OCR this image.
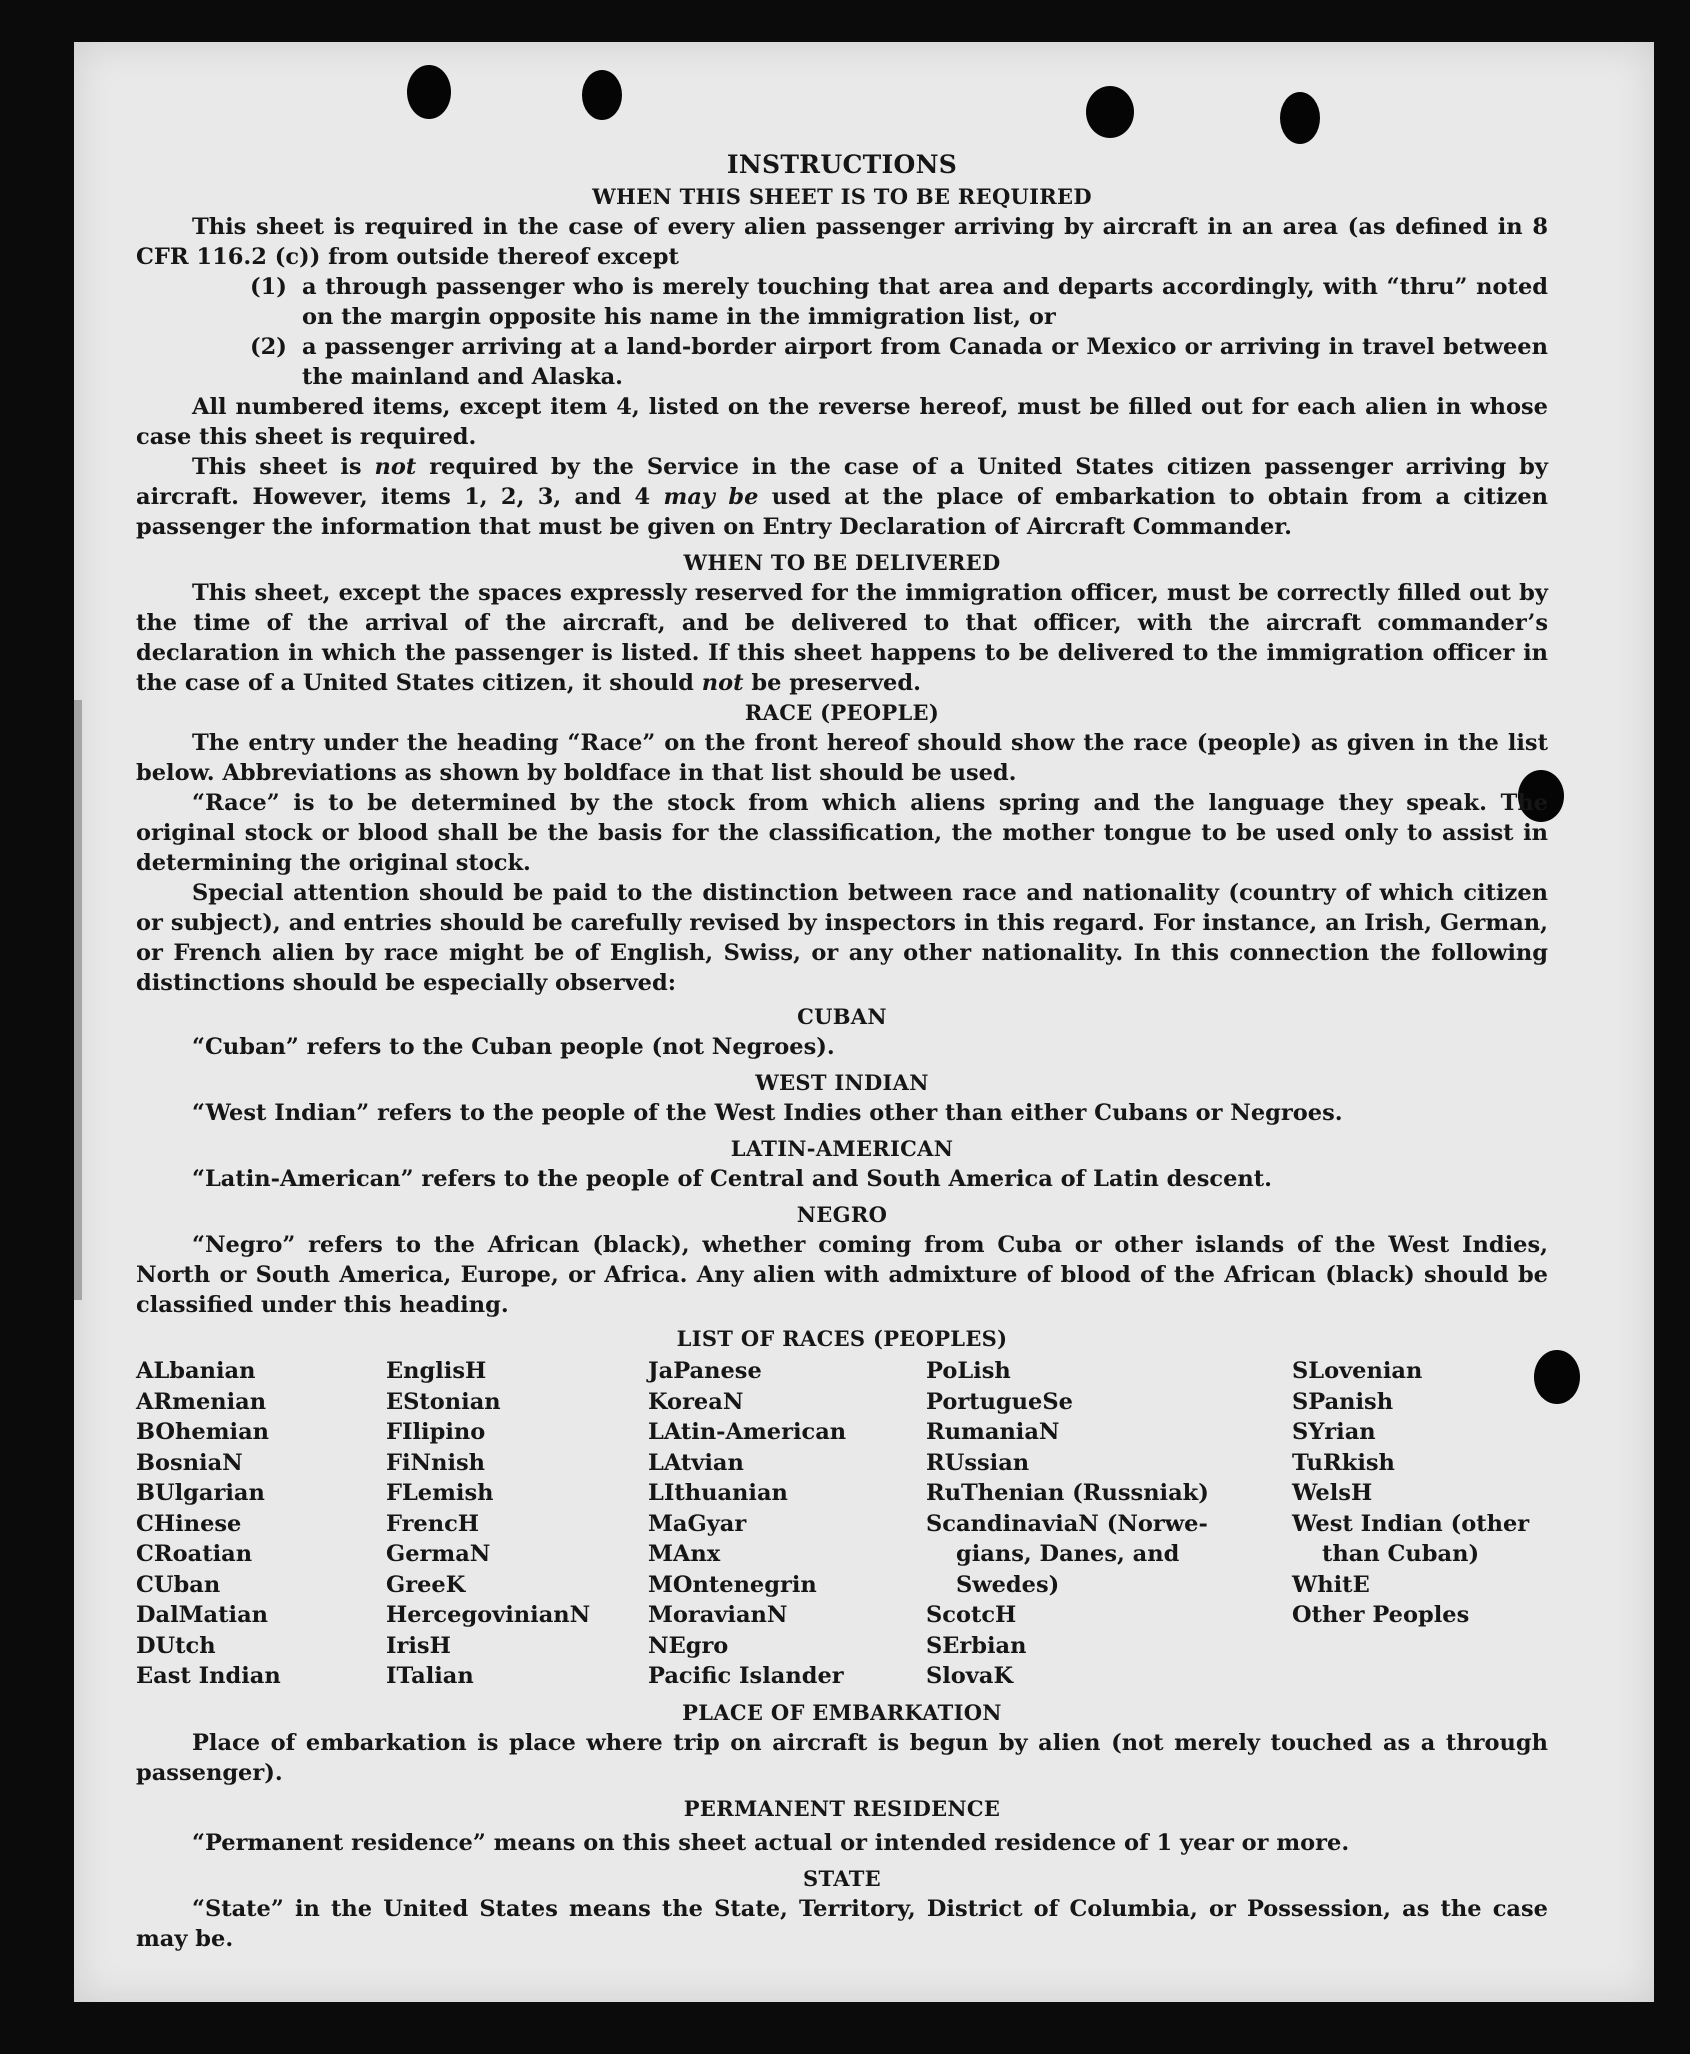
INSTRUCTIONS
WHEN THIS SHEET IS TO BE REQUIRED

This sheet is required in the case of every alien passenger arriving by aircraft in an area (as defined in 8 CFR 116.2 (c)) from outside thereof except

(1) a through passenger who is merely touching that area and departs accordingly, with “thru” noted on the margin opposite his name in the immigration list, or
(2) a passenger arriving at a land-border airport from Canada or Mexico or arriving in travel between the mainland and Alaska.

All numbered items, except item 4, listed on the reverse hereof, must be filled out for each alien in whose case this sheet is required.

This sheet is not required by the Service in the case of a United States citizen passenger arriving by aircraft. However, items 1, 2, 3, and 4 may be used at the place of embarkation to obtain from a citizen passenger the information that must be given on Entry Declaration of Aircraft Commander.

WHEN TO BE DELIVERED

This sheet, except the spaces expressly reserved for the immigration officer, must be correctly filled out by the time of the arrival of the aircraft, and be delivered to that officer, with the aircraft commander’s declaration in which the passenger is listed. If this sheet happens to be delivered to the immigration officer in the case of a United States citizen, it should not be preserved.

RACE (PEOPLE)

The entry under the heading “Race” on the front hereof should show the race (people) as given in the list below. Abbreviations as shown by boldface in that list should be used.

“Race” is to be determined by the stock from which aliens spring and the language they speak. The original stock or blood shall be the basis for the classification, the mother tongue to be used only to assist in determining the original stock.

Special attention should be paid to the distinction between race and nationality (country of which citizen or subject), and entries should be carefully revised by inspectors in this regard. For instance, an Irish, German, or French alien by race might be of English, Swiss, or any other nationality. In this connection the following distinctions should be especially observed:

CUBAN

“Cuban” refers to the Cuban people (not Negroes).

WEST INDIAN

“West Indian” refers to the people of the West Indies other than either Cubans or Negroes.

LATIN-AMERICAN

“Latin-American” refers to the people of Central and South America of Latin descent.

NEGRO

“Negro” refers to the African (black), whether coming from Cuba or other islands of the West Indies, North or South America, Europe, or Africa. Any alien with admixture of blood of the African (black) should be classified under this heading.

LIST OF RACES (PEOPLES)
ALbanian
ARmenian
BOhemian
BosniaN
BUlgarian
CHinese
CRoatian
CUban
DalMatian
DUtch
East Indian
EnglisH
EStonian
FIlipino
FiNnish
FLemish
FrencH
GermaN
GreeK
HercegovinianN
IrisH
ITalian
JaPanese
KoreaN
LAtin-American
LAtvian
LIthuanian
MaGyar
MAnx
MOntenegrin
MoravianN
NEgro
Pacific Islander
PoLish
PortugueSe
RumaniaN
RUssian
RuThenian (Russniak)
ScandinaviaN (Norwe-
gians, Danes, and
Swedes)
ScotcH
SErbian
SlovaK
SLovenian
SPanish
SYrian
TuRkish
WelsH
West Indian (other
than Cuban)
WhitE
Other Peoples
PLACE OF EMBARKATION

Place of embarkation is place where trip on aircraft is begun by alien (not merely touched as a through passenger).

PERMANENT RESIDENCE

“Permanent residence” means on this sheet actual or intended residence of 1 year or more.

STATE

“State” in the United States means the State, Territory, District of Columbia, or Possession, as the case may be.
